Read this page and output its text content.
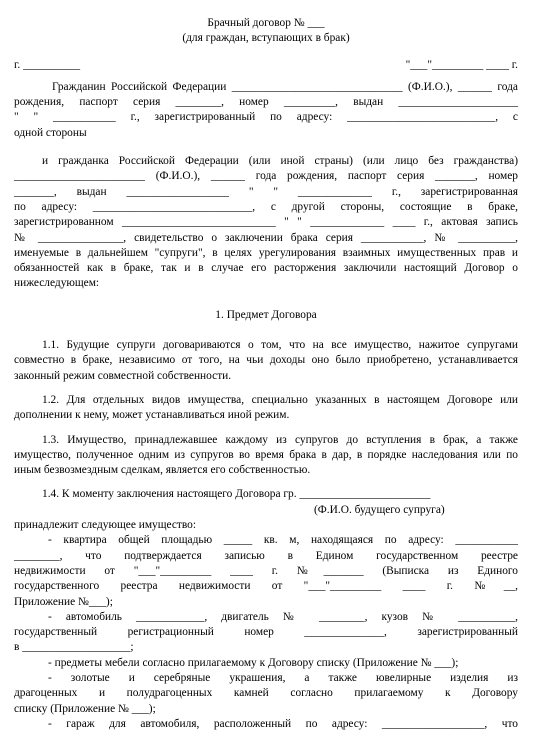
Брачный договор № ___

(для граждан, вступающих в брак)

г. __________	"___"_________ ____ г.

Гражданин Российской Федерации ______________________________ (Ф.И.О.), ______ года

рождения, паспорт серия ________, номер _________, выдан _____________________

" " ___________ г., зарегистрированный по адресу: __________________________, с

одной стороны

и гражданка Российской Федерации (или иной страны) (или лицо без гражданства)

_______________________ (Ф.И.О.), ______ года рождения, паспорт серия _______, номер

_______, выдан __________________ " " _____________ г., зарегистрированная

по адресу: ____________________________, с другой стороны, состоящие в браке,

зарегистрированном ___________________________ " " _____________ ____ г., актовая запись

№ _______________, свидетельство о заключении брака серия ___________, № __________,

именуемые в дальнейшем "супруги", в целях урегулирования взаимных имущественных прав и

обязанностей как в браке, так и в случае его расторжения заключили настоящий Договор о

нижеследующем:

1. Предмет Договора

1.1. Будущие супруги договариваются о том, что на все имущество, нажитое супругами

совместно в браке, независимо от того, на чьи доходы оно было приобретено, устанавливается

законный режим совместной собственности.

1.2. Для отдельных видов имущества, специально указанных в настоящем Договоре или

дополнении к нему, может устанавливаться иной режим.

1.3. Имущество, принадлежавшее каждому из супругов до вступления в брак, а также

имущество, полученное одним из супругов во время брака в дар, в порядке наследования или по

иным безвозмездным сделкам, является его собственностью.

1.4. К моменту заключения настоящего Договора гр. _______________________

(Ф.И.О. будущего супруга)

принадлежит следующее имущество:

- квартира общей площадью _____ кв. м, находящаяся по адресу: ___________

________, что подтверждается записью в Едином государственном реестре

недвижимости от "___"_________ ____ г. №_______ (Выписка из Единого

государственного реестра недвижимости от "___"_________ ____ г. №__,

Приложение №___);

- автомобиль ____________, двигатель № ________, кузов № __________,

государственный регистрационный номер ______________, зарегистрированный

в ___________________;

- предметы мебели согласно прилагаемому к Договору списку (Приложение № ___);

- золотые и серебряные украшения, а также ювелирные изделия из

драгоценных и полудрагоценных камней согласно прилагаемому к Договору

списку (Приложение № ___);

- гараж для автомобиля, расположенный по адресу: __________________, что
